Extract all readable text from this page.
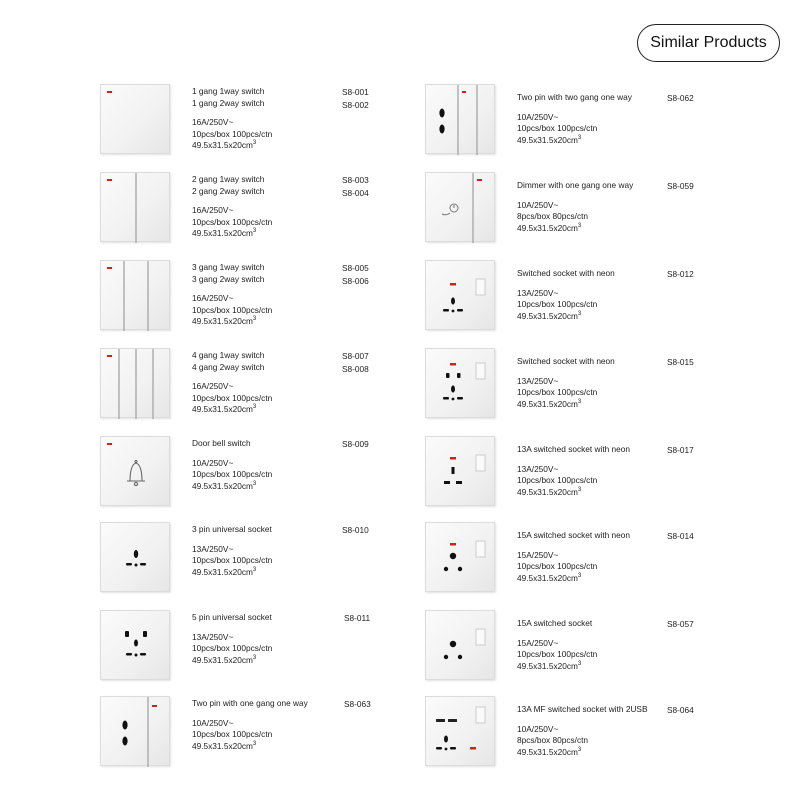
Similar Products
1 gang 1way switch
1 gang 2way switch
16A/250V~
10pcs/box 100pcs/ctn
$49.5x31.5x20cm^3$
S8-001
S8-002
2 gang 1way switch
2 gang 2way switch
16A/250V~
10pcs/box 100pcs/ctn
$49.5x31.5x20cm^3$
S8-003
S8-004
3 gang 1way switch
3 gang 2way switch
16A/250V~
10pcs/box 100pcs/ctn
$49.5x31.5x20cm^3$
S8-005
S8-006
4 gang 1way switch
4 gang 2way switch
16A/250V~
10pcs/box 100pcs/ctn
$49.5x31.5x20cm^3$
S8-007
S8-008
Door bell switch
10A/250V~
10pcs/box 100pcs/ctn
$49.5x31.5x20cm^3$
S8-009
3 pin universal socket
13A/250V~
10pcs/box 100pcs/ctn
$49.5x31.5x20cm^3$
S8-010
5 pin universal socket
13A/250V~
10pcs/box 100pcs/ctn
$49.5x31.5x20cm^3$
S8-011
Two pin with one gang one way
10A/250V~
10pcs/box 100pcs/ctn
$49.5x31.5x20cm^3$
S8-063
Two pin with two gang one way
10A/250V~
10pcs/box 100pcs/ctn
$49.5x31.5x20cm^3$
S8-062
Dimmer with one gang one way
10A/250V~
8pcs/box 80pcs/ctn
$49.5x31.5x20cm^3$
S8-059
Switched socket with neon
13A/250V~
10pcs/box 100pcs/ctn
$49.5x31.5x20cm^3$
S8-012
Switched socket with neon
13A/250V~
10pcs/box 100pcs/ctn
$49.5x31.5x20cm^3$
S8-015
13A switched socket with neon
13A/250V~
10pcs/box 100pcs/ctn
$49.5x31.5x20cm^3$
S8-017
15A switched socket with neon
15A/250V~
10pcs/box 100pcs/ctn
$49.5x31.5x20cm^3$
S8-014
15A switched socket
15A/250V~
10pcs/box 100pcs/ctn
$49.5x31.5x20cm^3$
S8-057
13A MF switched socket with 2USB
10A/250V~
8pcs/box 80pcs/ctn
$49.5x31.5x20cm^3$
S8-064
